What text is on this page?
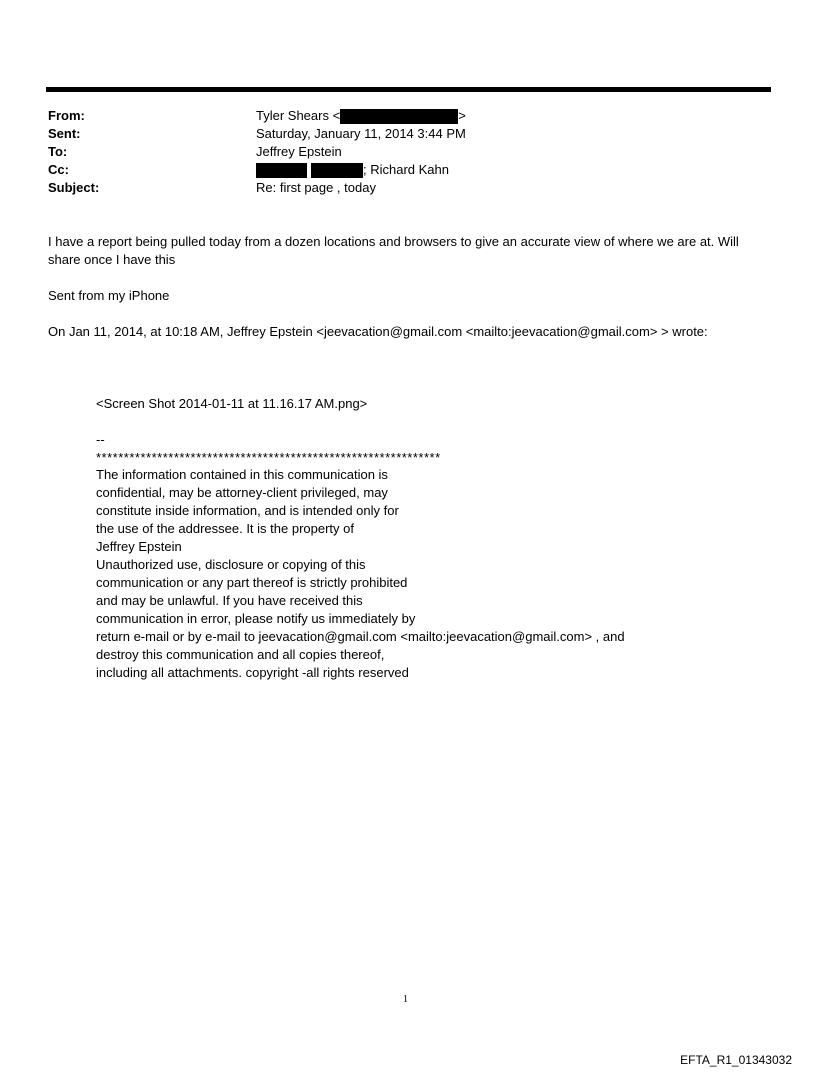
From:	Tyler Shears <	>
Sent:	Saturday, January 11, 2014 3:44 PM
To:	Jeffrey Epstein
Cc:	; Richard Kahn
Subject:	Re: first page , today
I have a report being pulled today from a dozen locations and browsers to give an accurate view of where we are at. Will
share once I have this
Sent from my iPhone
On Jan 11, 2014, at 10:18 AM, Jeffrey Epstein <jeevacation@gmail.com <mailto:jeevacation@gmail.com> > wrote:
<Screen Shot 2014-01-11 at 11.16.17 AM.png>
--
**************************************************************
The information contained in this communication is
confidential, may be attorney-client privileged, may
constitute inside information, and is intended only for
the use of the addressee. It is the property of
Jeffrey Epstein
Unauthorized use, disclosure or copying of this
communication or any part thereof is strictly prohibited
and may be unlawful. If you have received this
communication in error, please notify us immediately by
return e-mail or by e-mail to jeevacation@gmail.com <mailto:jeevacation@gmail.com> , and
destroy this communication and all copies thereof,
including all attachments. copyright -all rights reserved
1
EFTA_R1_01343032
